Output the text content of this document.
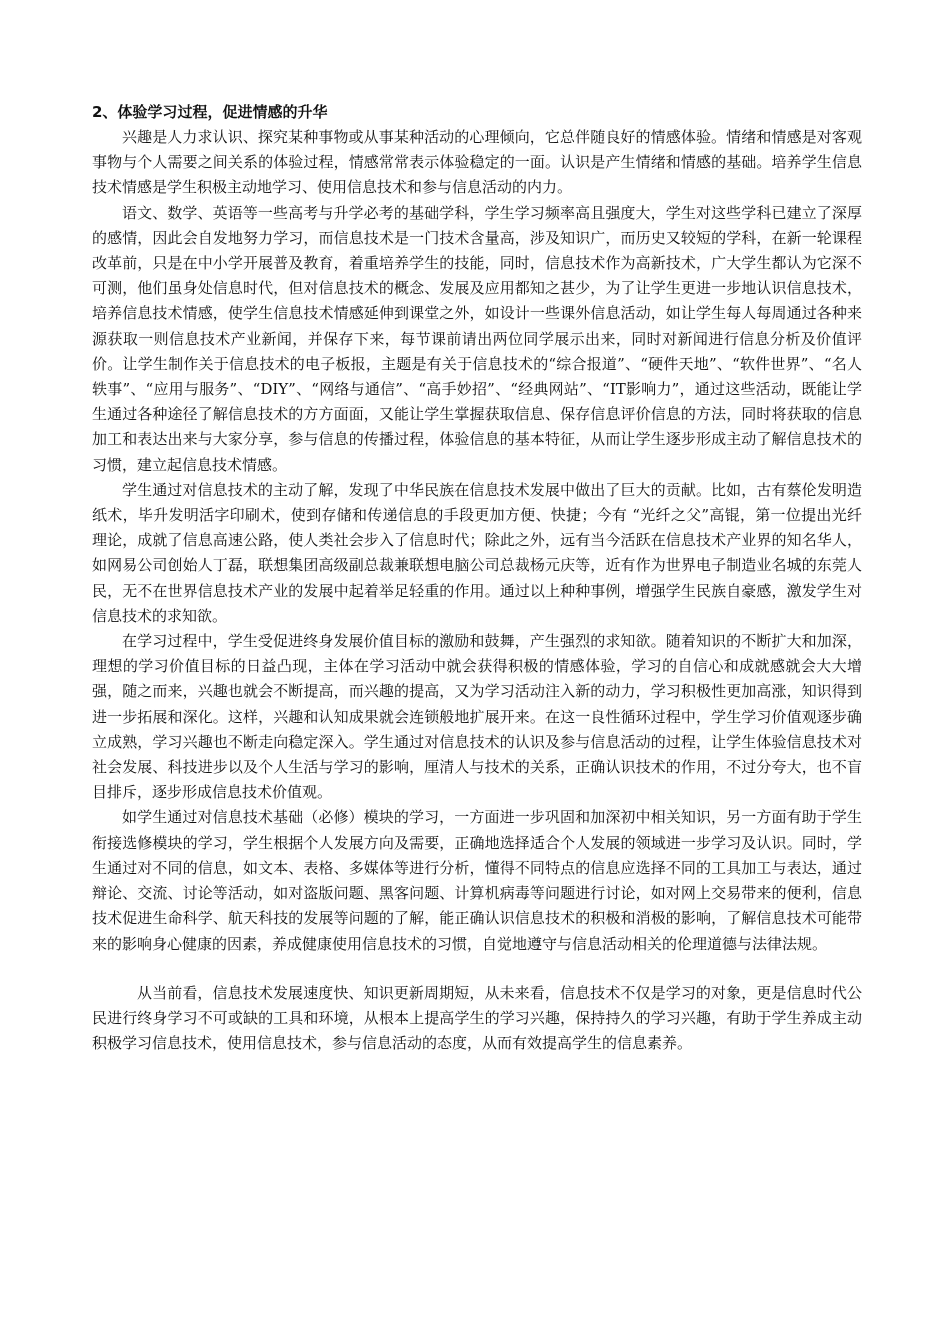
2、体验学习过程，促进情感的升华

兴趣是人力求认识、探究某种事物或从事某种活动的心理倾向，它总伴随良好的情感体验。情绪和情感是对客观事物与个人需要之间关系的体验过程，情感常常表示体验稳定的一面。认识是产生情绪和情感的基础。培养学生信息技术情感是学生积极主动地学习、使用信息技术和参与信息活动的内力。

语文、数学、英语等一些高考与升学必考的基础学科，学生学习频率高且强度大，学生对这些学科已建立了深厚的感情，因此会自发地努力学习，而信息技术是一门技术含量高，涉及知识广，而历史又较短的学科，在新一轮课程改革前，只是在中小学开展普及教育，着重培养学生的技能，同时，信息技术作为高新技术，广大学生都认为它深不可测，他们虽身处信息时代，但对信息技术的概念、发展及应用都知之甚少，为了让学生更进一步地认识信息技术，培养信息技术情感，使学生信息技术情感延伸到课堂之外，如设计一些课外信息活动，如让学生每人每周通过各种来源获取一则信息技术产业新闻，并保存下来，每节课前请出两位同学展示出来，同时对新闻进行信息分析及价值评价。让学生制作关于信息技术的电子板报，主题是有关于信息技术的“综合报道”、“硬件天地”、“软件世界”、“名人轶事”、“应用与服务”、“DIY”、“网络与通信”、“高手妙招”、“经典网站”、“IT影响力”，通过这些活动，既能让学生通过各种途径了解信息技术的方方面面，又能让学生掌握获取信息、保存信息评价信息的方法，同时将获取的信息加工和表达出来与大家分享，参与信息的传播过程，体验信息的基本特征，从而让学生逐步形成主动了解信息技术的习惯，建立起信息技术情感。

学生通过对信息技术的主动了解，发现了中华民族在信息技术发展中做出了巨大的贡献。比如，古有蔡伦发明造纸术，毕升发明活字印刷术，使到存储和传递信息的手段更加方便、快捷；今有 “光纤之父”高锟，第一位提出光纤理论，成就了信息高速公路，使人类社会步入了信息时代；除此之外，远有当今活跃在信息技术产业界的知名华人，如网易公司创始人丁磊，联想集团高级副总裁兼联想电脑公司总裁杨元庆等，近有作为世界电子制造业名城的东莞人民，无不在世界信息技术产业的发展中起着举足轻重的作用。通过以上种种事例，增强学生民族自豪感，激发学生对信息技术的求知欲。

在学习过程中，学生受促进终身发展价值目标的激励和鼓舞，产生强烈的求知欲。随着知识的不断扩大和加深，理想的学习价值目标的日益凸现，主体在学习活动中就会获得积极的情感体验，学习的自信心和成就感就会大大增强，随之而来，兴趣也就会不断提高，而兴趣的提高，又为学习活动注入新的动力，学习积极性更加高涨，知识得到进一步拓展和深化。这样，兴趣和认知成果就会连锁般地扩展开来。在这一良性循环过程中，学生学习价值观逐步确立成熟，学习兴趣也不断走向稳定深入。学生通过对信息技术的认识及参与信息活动的过程，让学生体验信息技术对社会发展、科技进步以及个人生活与学习的影响，厘清人与技术的关系，正确认识技术的作用，不过分夸大，也不盲目排斥，逐步形成信息技术价值观。

如学生通过对信息技术基础（必修）模块的学习，一方面进一步巩固和加深初中相关知识，另一方面有助于学生衔接选修模块的学习，学生根据个人发展方向及需要，正确地选择适合个人发展的领域进一步学习及认识。同时，学生通过对不同的信息，如文本、表格、多媒体等进行分析，懂得不同特点的信息应选择不同的工具加工与表达，通过辩论、交流、讨论等活动，如对盗版问题、黑客问题、计算机病毒等问题进行讨论，如对网上交易带来的便利，信息技术促进生命科学、航天科技的发展等问题的了解，能正确认识信息技术的积极和消极的影响，了解信息技术可能带来的影响身心健康的因素，养成健康使用信息技术的习惯，自觉地遵守与信息活动相关的伦理道德与法律法规。

从当前看，信息技术发展速度快、知识更新周期短，从未来看，信息技术不仅是学习的对象，更是信息时代公民进行终身学习不可或缺的工具和环境，从根本上提高学生的学习兴趣，保持持久的学习兴趣，有助于学生养成主动积极学习信息技术，使用信息技术，参与信息活动的态度，从而有效提高学生的信息素养。
